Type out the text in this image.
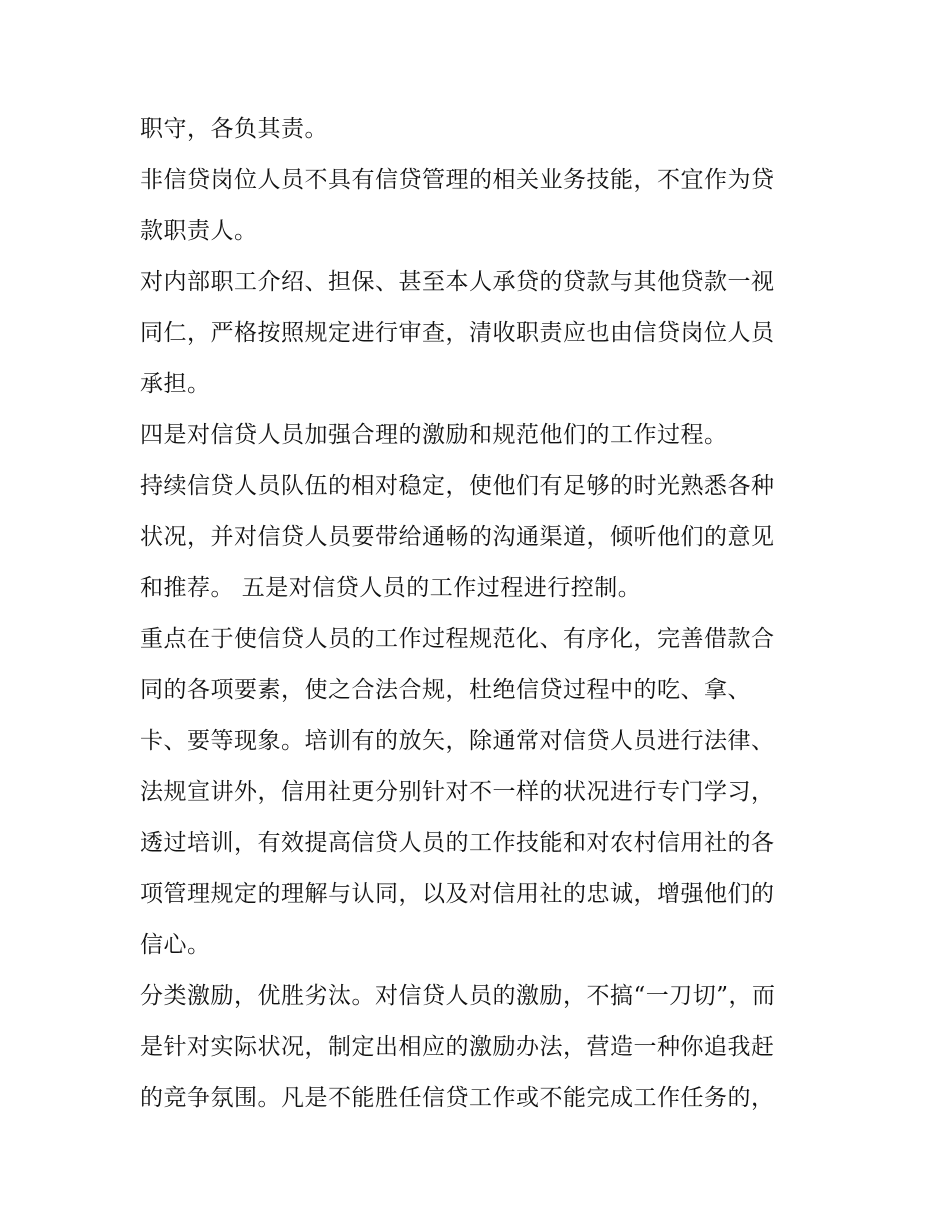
职守，各负其责。
非信贷岗位人员不具有信贷管理的相关业务技能，不宜作为贷
款职责人。
对内部职工介绍、担保、甚至本人承贷的贷款与其他贷款一视
同仁，严格按照规定进行审查，清收职责应也由信贷岗位人员
承担。
四是对信贷人员加强合理的激励和规范他们的工作过程。
持续信贷人员队伍的相对稳定，使他们有足够的时光熟悉各种
状况，并对信贷人员要带给通畅的沟通渠道，倾听他们的意见
和推荐。 五是对信贷人员的工作过程进行控制。
重点在于使信贷人员的工作过程规范化、有序化，完善借款合
同的各项要素，使之合法合规，杜绝信贷过程中的吃、拿、
卡、要等现象。培训有的放矢，除通常对信贷人员进行法律、
法规宣讲外，信用社更分别针对不一样的状况进行专门学习，
透过培训，有效提高信贷人员的工作技能和对农村信用社的各
项管理规定的理解与认同，以及对信用社的忠诚，增强他们的
信心。
分类激励，优胜劣汰。对信贷人员的激励，不搞“一刀切”，而
是针对实际状况，制定出相应的激励办法，营造一种你追我赶
的竞争氛围。凡是不能胜任信贷工作或不能完成工作任务的，
